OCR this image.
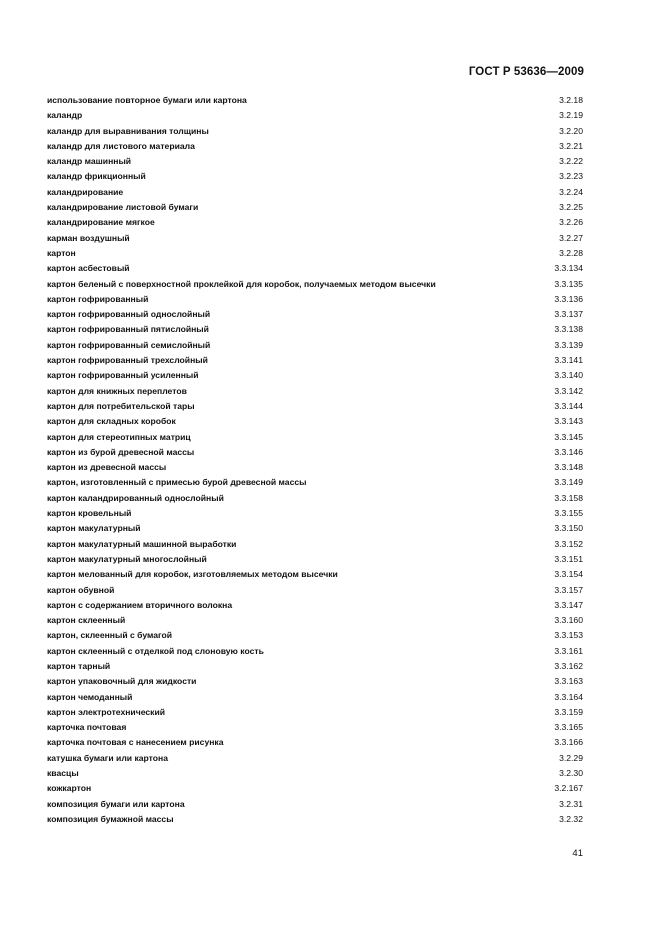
ГОСТ Р 53636—2009
использование повторное бумаги или картона	3.2.18
каландр	3.2.19
каландр для выравнивания толщины	3.2.20
каландр для листового материала	3.2.21
каландр машинный	3.2.22
каландр фрикционный	3.2.23
каландрирование	3.2.24
каландрирование листовой бумаги	3.2.25
каландрирование мягкое	3.2.26
карман воздушный	3.2.27
картон	3.2.28
картон асбестовый	3.3.134
картон беленый с поверхностной проклейкой для коробок, получаемых методом высечки	3.3.135
картон гофрированный	3.3.136
картон гофрированный однослойный	3.3.137
картон гофрированный пятислойный	3.3.138
картон гофрированный семислойный	3.3.139
картон гофрированный трехслойный	3.3.141
картон гофрированный усиленный	3.3.140
картон для книжных переплетов	3.3.142
картон для потребительской тары	3.3.144
картон для складных коробок	3.3.143
картон для стереотипных матриц	3.3.145
картон из бурой древесной массы	3.3.146
картон из древесной массы	3.3.148
картон, изготовленный с примесью бурой древесной массы	3.3.149
картон каландрированный однослойный	3.3.158
картон кровельный	3.3.155
картон макулатурный	3.3.150
картон макулатурный машинной выработки	3.3.152
картон макулатурный многослойный	3.3.151
картон мелованный для коробок, изготовляемых методом высечки	3.3.154
картон обувной	3.3.157
картон с содержанием вторичного волокна	3.3.147
картон склеенный	3.3.160
картон, склеенный с бумагой	3.3.153
картон склеенный с отделкой под слоновую кость	3.3.161
картон тарный	3.3.162
картон упаковочный для жидкости	3.3.163
картон чемоданный	3.3.164
картон электротехнический	3.3.159
карточка почтовая	3.3.165
карточка почтовая с нанесением рисунка	3.3.166
катушка бумаги или картона	3.2.29
квасцы	3.2.30
кожкартон	3.2.167
композиция бумаги или картона	3.2.31
композиция бумажной массы	3.2.32
41
